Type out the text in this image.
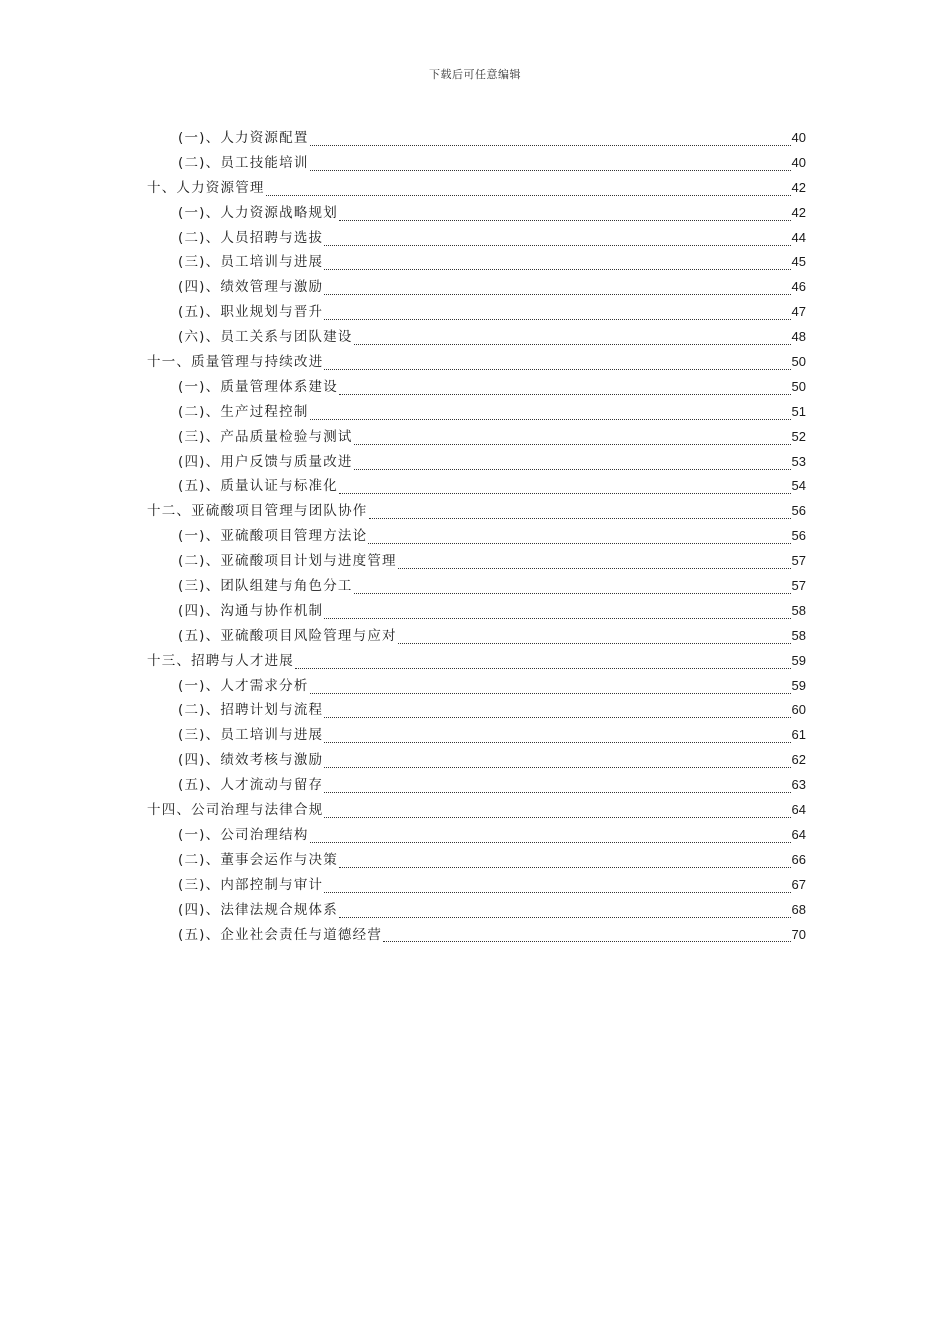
下载后可任意编辑
(一)、人力资源配置	40
(二)、员工技能培训	40
十、人力资源管理	42
(一)、人力资源战略规划	42
(二)、人员招聘与选拔	44
(三)、员工培训与进展	45
(四)、绩效管理与激励	46
(五)、职业规划与晋升	47
(六)、员工关系与团队建设	48
十一、质量管理与持续改进	50
(一)、质量管理体系建设	50
(二)、生产过程控制	51
(三)、产品质量检验与测试	52
(四)、用户反馈与质量改进	53
(五)、质量认证与标准化	54
十二、亚硫酸项目管理与团队协作	56
(一)、亚硫酸项目管理方法论	56
(二)、亚硫酸项目计划与进度管理	57
(三)、团队组建与角色分工	57
(四)、沟通与协作机制	58
(五)、亚硫酸项目风险管理与应对	58
十三、招聘与人才进展	59
(一)、人才需求分析	59
(二)、招聘计划与流程	60
(三)、员工培训与进展	61
(四)、绩效考核与激励	62
(五)、人才流动与留存	63
十四、公司治理与法律合规	64
(一)、公司治理结构	64
(二)、董事会运作与决策	66
(三)、内部控制与审计	67
(四)、法律法规合规体系	68
(五)、企业社会责任与道德经营	70
